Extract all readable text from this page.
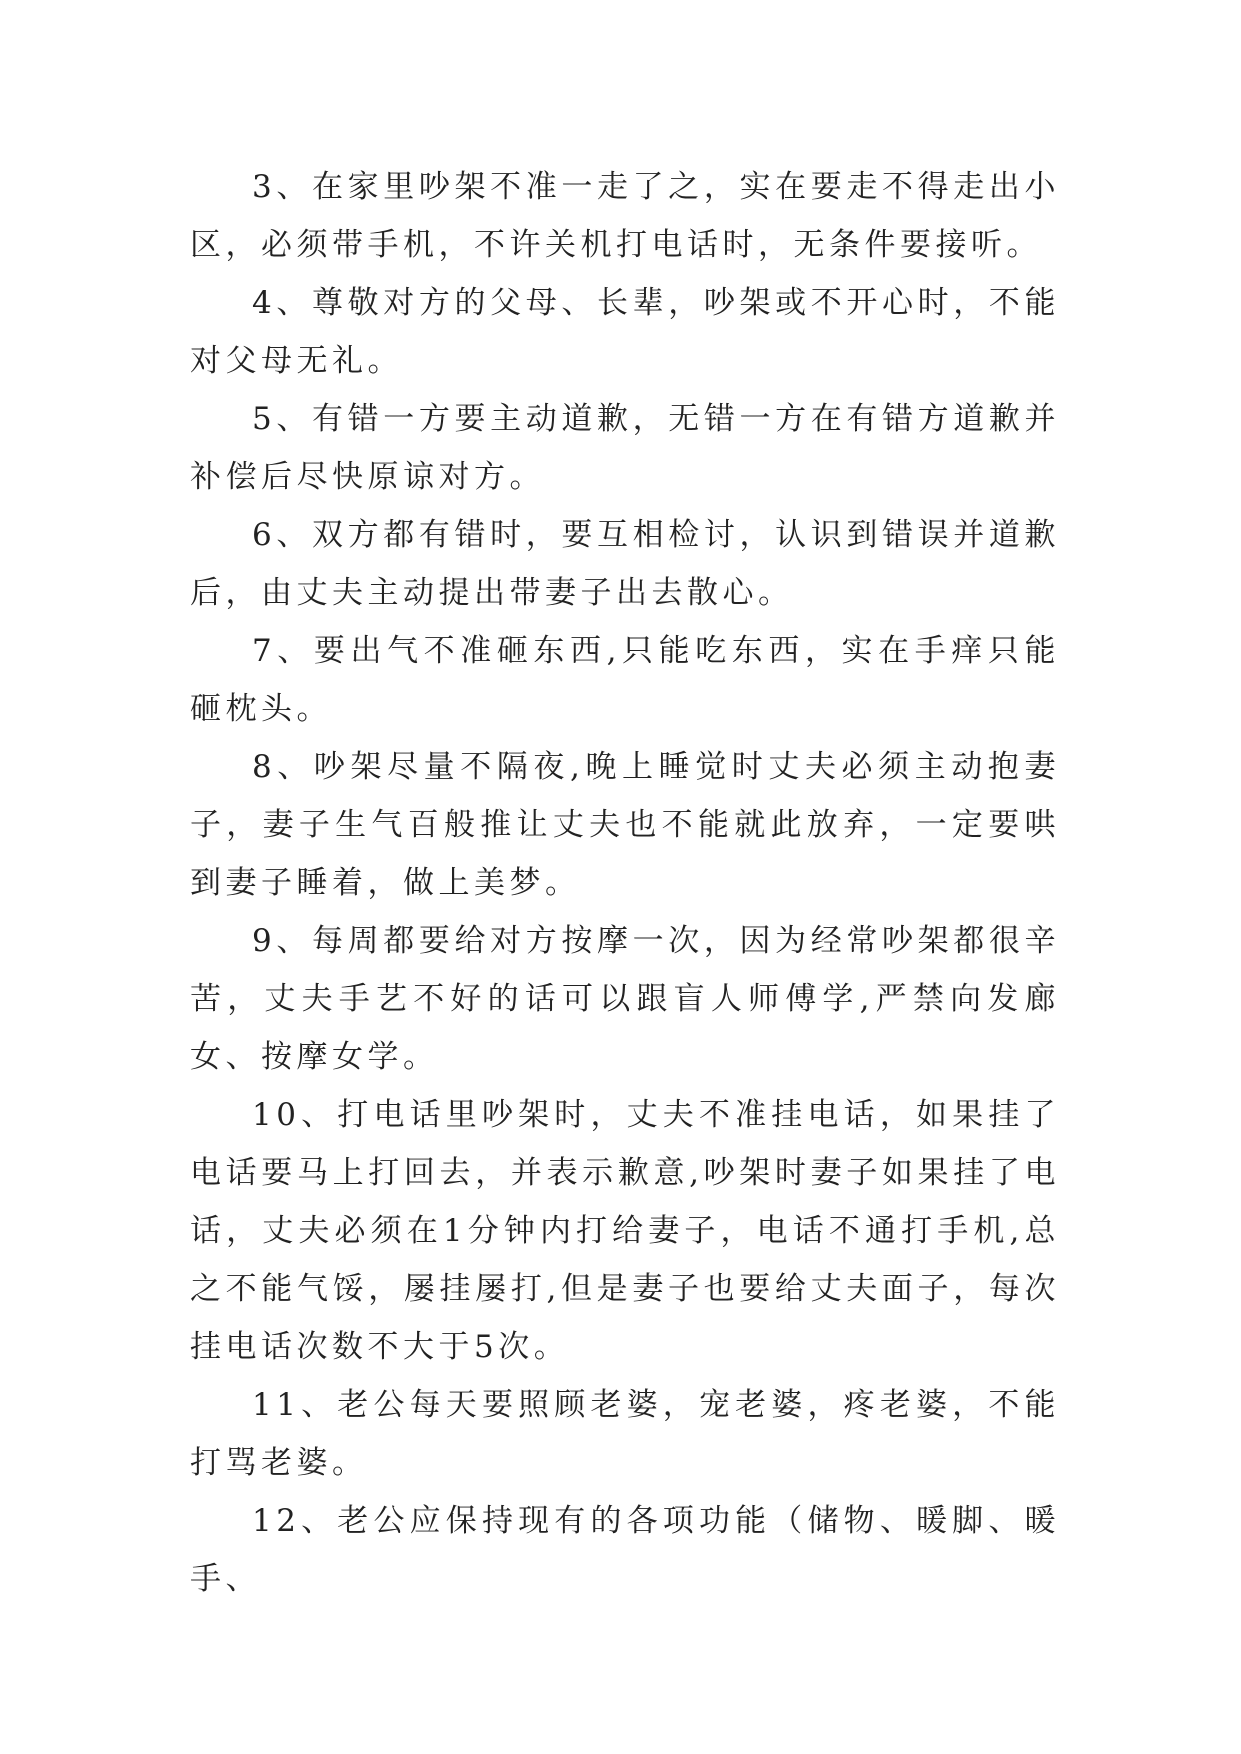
3、在家里吵架不准一走了之，实在要走不得走出小区，必须带手机，不许关机打电话时，无条件要接听。

4、尊敬对方的父母、长辈，吵架或不开心时，不能对父母无礼。

5、有错一方要主动道歉，无错一方在有错方道歉并补偿后尽快原谅对方。

6、双方都有错时，要互相检讨，认识到错误并道歉后，由丈夫主动提出带妻子出去散心。

7、要出气不准砸东西,只能吃东西，实在手痒只能砸枕头。

8、吵架尽量不隔夜,晚上睡觉时丈夫必须主动抱妻子，妻子生气百般推让丈夫也不能就此放弃，一定要哄到妻子睡着，做上美梦。

9、每周都要给对方按摩一次，因为经常吵架都很辛苦，丈夫手艺不好的话可以跟盲人师傅学,严禁向发廊女、按摩女学。

10、打电话里吵架时，丈夫不准挂电话，如果挂了电话要马上打回去，并表示歉意,吵架时妻子如果挂了电话，丈夫必须在1分钟内打给妻子，电话不通打手机,总之不能气馁，屡挂屡打,但是妻子也要给丈夫面子，每次挂电话次数不大于5次。

11、老公每天要照顾老婆，宠老婆，疼老婆，不能打骂老婆。

12、老公应保持现有的各项功能（储物、暖脚、暖手、
